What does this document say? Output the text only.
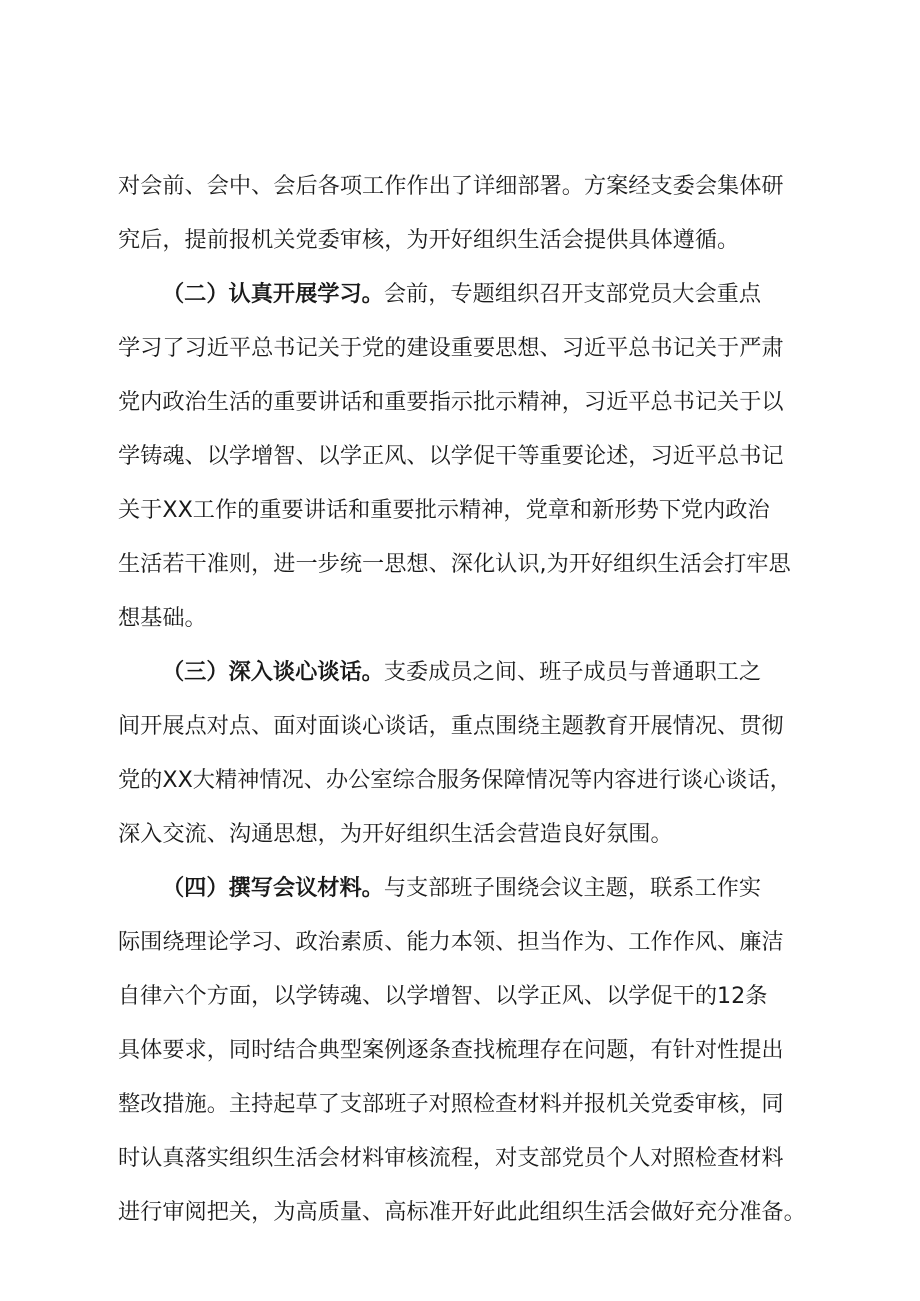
对会前、会中、会后各项工作作出了详细部署。方案经支委会集体研
究后，提前报机关党委审核，为开好组织生活会提供具体遵循。
（二）认真开展学习。会前，专题组织召开支部党员大会重点
学习了习近平总书记关于党的建设重要思想、习近平总书记关于严肃
党内政治生活的重要讲话和重要指示批示精神，习近平总书记关于以
学铸魂、以学增智、以学正风、以学促干等重要论述，习近平总书记
关于XX工作的重要讲话和重要批示精神，党章和新形势下党内政治
生活若干准则，进一步统一思想、深化认识,为开好组织生活会打牢思
想基础。
（三）深入谈心谈话。支委成员之间、班子成员与普通职工之
间开展点对点、面对面谈心谈话，重点围绕主题教育开展情况、贯彻
党的XX大精神情况、办公室综合服务保障情况等内容进行谈心谈话，
深入交流、沟通思想，为开好组织生活会营造良好氛围。
（四）撰写会议材料。与支部班子围绕会议主题，联系工作实
际围绕理论学习、政治素质、能力本领、担当作为、工作作风、廉洁
自律六个方面，以学铸魂、以学增智、以学正风、以学促干的12条
具体要求，同时结合典型案例逐条查找梳理存在问题，有针对性提出
整改措施。主持起草了支部班子对照检查材料并报机关党委审核，同
时认真落实组织生活会材料审核流程，对支部党员个人对照检查材料
进行审阅把关，为高质量、高标准开好此此组织生活会做好充分准备。
